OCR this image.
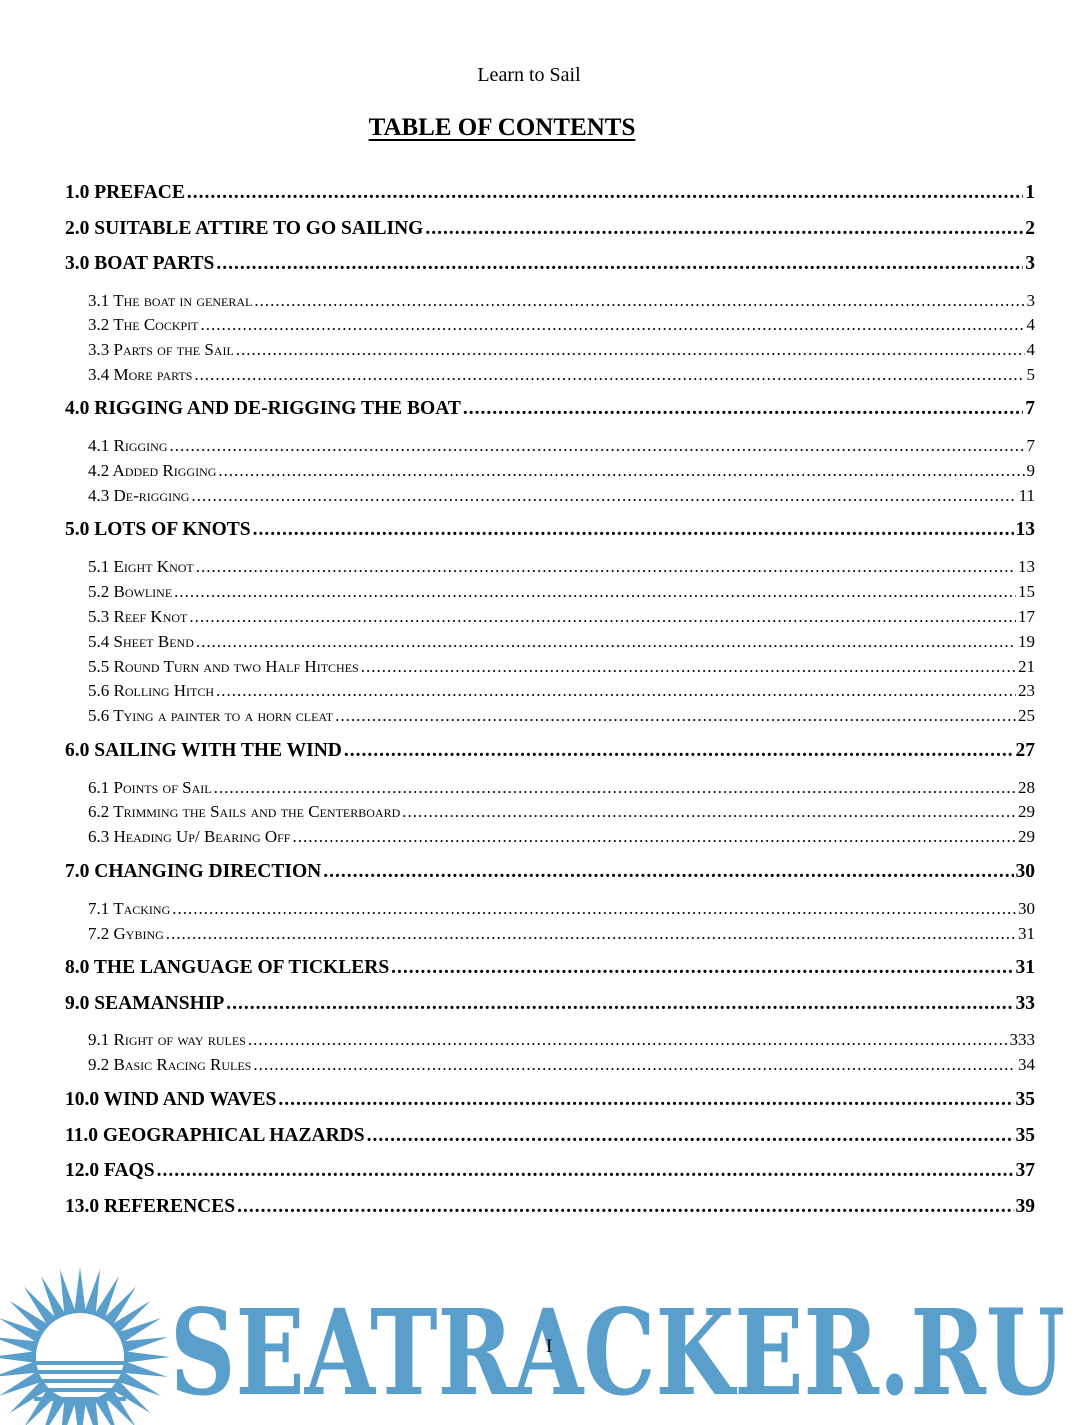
Learn to Sail
TABLE OF CONTENTS
1.0 PREFACE .....	1
2.0 SUITABLE ATTIRE TO GO SAILING .....	2
3.0 BOAT PARTS .....	3
3.1 The boat in general .....	3
3.2 The Cockpit .....	4
3.3 Parts of the Sail .....	4
3.4 More parts .....	5
4.0 RIGGING AND DE-RIGGING THE BOAT .....	7
4.1 Rigging .....	7
4.2 Added Rigging .....	9
4.3 De-rigging .....	11
5.0 LOTS OF KNOTS .....	13
5.1 Eight Knot .....	13
5.2 Bowline .....	15
5.3 Reef Knot .....	17
5.4 Sheet Bend .....	19
5.5 Round Turn and two Half Hitches .....	21
5.6 Rolling Hitch .....	23
5.6 Tying a painter to a horn cleat .....	25
6.0 SAILING WITH THE WIND .....	27
6.1 Points of Sail .....	28
6.2 Trimming the Sails and the Centerboard .....	29
6.3 Heading Up/ Bearing Off .....	29
7.0 CHANGING DIRECTION .....	30
7.1 Tacking .....	30
7.2 Gybing .....	31
8.0 THE LANGUAGE OF TICKLERS .....	31
9.0 SEAMANSHIP .....	33
9.1 Right of way rules .....	333
9.2 Basic Racing Rules .....	34
10.0 WIND AND WAVES .....	35
11.0 GEOGRAPHICAL HAZARDS .....	35
12.0 FAQS .....	37
13.0 REFERENCES .....	39
SEATRACKER.RU
I
